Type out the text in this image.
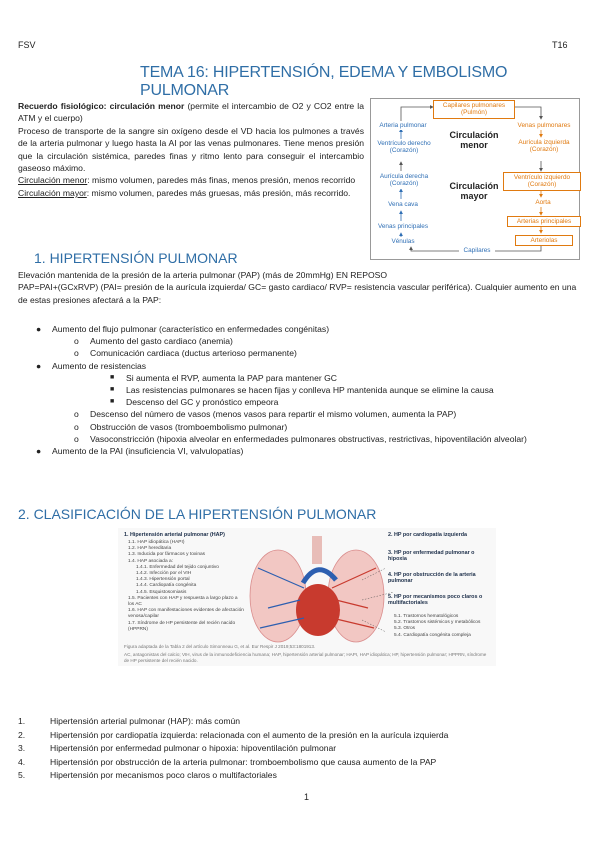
FSV	T16
TEMA 16: HIPERTENSIÓN, EDEMA Y EMBOLISMO PULMONAR

Recuerdo fisiológico: circulación menor (permite el intercambio de O2 y CO2 entre la ATM y el cuerpo)

Proceso de transporte de la sangre sin oxígeno desde el VD hacia los pulmones a través de la arteria pulmonar y luego hasta la AI por las venas pulmonares. Tiene menos presión que la circulación sistémica, paredes finas y ritmo lento para conseguir el intercambio gaseoso máximo.

Circulación menor: mismo volumen, paredes más finas, menos presión, menos recorrido

Circulación mayor: mismo volumen, paredes más gruesas, más presión, más recorrido.

Capilares pulmonares (Pulmón)
Arteria pulmonar	Venas pulmonares
Ventrículo derecho (Corazón)
Aurícula izquierda (Corazón)
Circulación menor
Aurícula derecha (Corazón)
Ventrículo izquierdo (Corazón)
Circulación mayor
Vena cava	Aorta
Venas principales
Arterias principales
Vénulas	Arteriolas
Capilares
1. HIPERTENSIÓN PULMONAR

Elevación mantenida de la presión de la arteria pulmonar (PAP) (más de 20mmHg) EN REPOSO

PAP=PAI+(GCxRVP) (PAI= presión de la aurícula izquierda/ GC= gasto cardiaco/ RVP= resistencia vascular periférica). Cualquier aumento en una de estas presiones afectará a la PAP:

● Aumento del flujo pulmonar (característico en enfermedades congénitas)
o Aumento del gasto cardiaco (anemia)
o Comunicación cardiaca (ductus arterioso permanente)
● Aumento de resistencias
■ Si aumenta el RVP, aumenta la PAP para mantener GC
■ Las resistencias pulmonares se hacen fijas y conlleva HP mantenida aunque se elimine la causa
■ Descenso del GC y pronóstico empeora
o Descenso del número de vasos (menos vasos para repartir el mismo volumen, aumenta la PAP)
o Obstrucción de vasos (tromboembolismo pulmonar)
o Vasoconstricción (hipoxia alveolar en enfermedades pulmonares obstructivas, restrictivas, hipoventilación alveolar)
● Aumento de la PAI (insuficiencia VI, valvulopatías)
2. CLASIFICACIÓN DE LA HIPERTENSIÓN PULMONAR
1. Hipertensión arterial pulmonar (HAP)
1.1. HAP idiopática (HAPI)
1.2. HAP hereditaria
1.3. Inducida por fármacos y toxinas
1.4. HAP asociada a:
1.4.1. Enfermedad del tejido conjuntivo
1.4.2. Infección por el VIH
1.4.3. Hipertensión portal
1.4.4. Cardiopatía congénita
1.4.5. Esquistosomiasis
1.5. Pacientes con HAP y respuesta a largo plazo a los AC
1.6. HAP con manifestaciones evidentes de afectación venosa/capilar
1.7. Síndrome de HP persistente del recién nacido (HPPRN)
2. HP por cardiopatía izquierda
3. HP por enfermedad pulmonar o hipoxia
4. HP por obstrucción de la arteria pulmonar
5. HP por mecanismos poco claros o multifactoriales
5.1. Trastornos hematológicos
5.2. Trastornos sistémicos y metabólicos
5.3. Otros
5.4. Cardiopatía congénita compleja
Figura adaptada de la Tabla 2 del artículo Simonneau G, et al. Eur Respir J 2019;53:1801913.
AC, antagonistas del calcio; VIH, virus de la inmunodeficiencia humana; HAP, hipertensión arterial pulmonar; HAPI, HAP idiopática; HP, hipertensión pulmonar; HPPRN, síndrome de HP persistente del recién nacido.
1.	Hipertensión arterial pulmonar (HAP): más común
2.	Hipertensión por cardiopatía izquierda: relacionada con el aumento de la presión en la aurícula izquierda
3.	Hipertensión por enfermedad pulmonar o hipoxia: hipoventilación pulmonar
4.	Hipertensión por obstrucción de la arteria pulmonar: tromboembolismo que causa aumento de la PAP
5.	Hipertensión por mecanismos poco claros o multifactoriales
1
